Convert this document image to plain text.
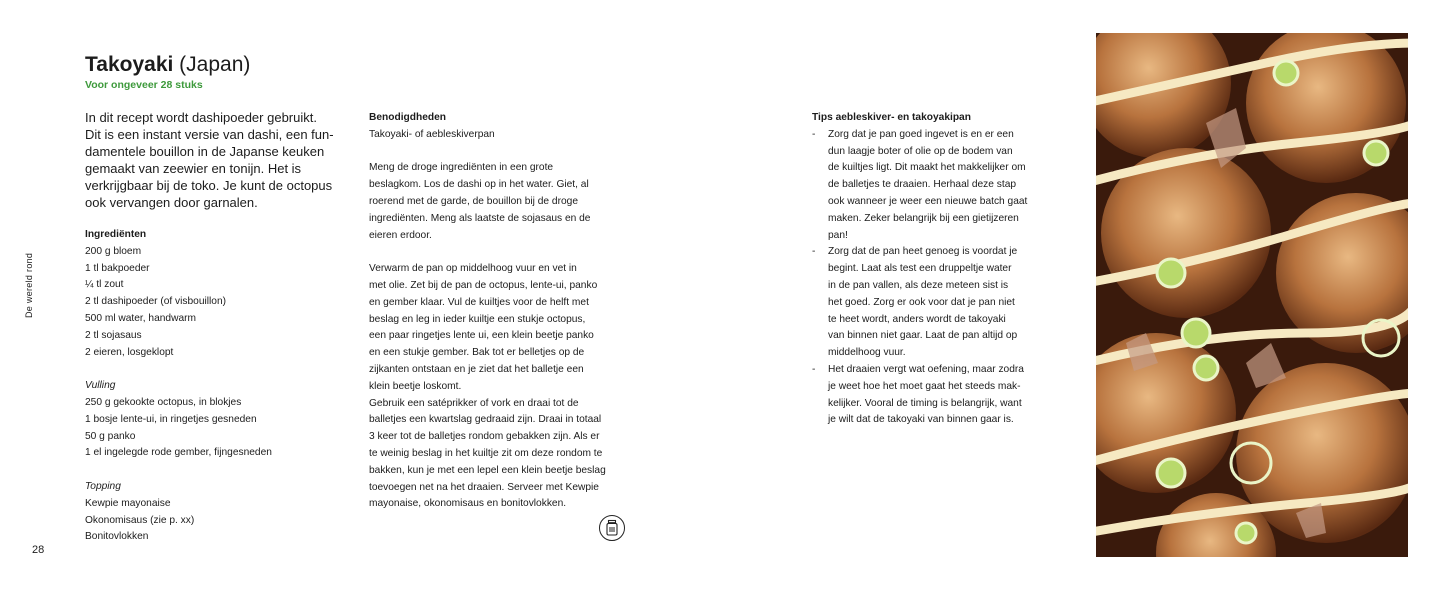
De wereld rond
28
Takoyaki (Japan)
Voor ongeveer 28 stuks
In dit recept wordt dashipoeder gebruikt.
Dit is een instant versie van dashi, een fun-
damentele bouillon in de Japanse keuken
gemaakt van zeewier en tonijn. Het is
verkrijgbaar bij de toko. Je kunt de octopus
ook vervangen door garnalen.
Ingrediënten
200 g bloem
1 tl bakpoeder
¼ tl zout
2 tl dashipoeder (of visbouillon)
500 ml water, handwarm
2 tl sojasaus
2 eieren, losgeklopt
Vulling
250 g gekookte octopus, in blokjes
1 bosje lente-ui, in ringetjes gesneden
50 g panko
1 el ingelegde rode gember, fijngesneden
Topping
Kewpie mayonaise
Okonomisaus (zie p. xx)
Bonitovlokken
Benodigdheden
Takoyaki- of aebleskiverpan
Meng de droge ingrediënten in een grote
beslagkom. Los de dashi op in het water. Giet, al
roerend met de garde, de bouillon bij de droge
ingrediënten. Meng als laatste de sojasaus en de
eieren erdoor.
Verwarm de pan op middelhoog vuur en vet in
met olie. Zet bij de pan de octopus, lente-ui, panko
en gember klaar. Vul de kuiltjes voor de helft met
beslag en leg in ieder kuiltje een stukje octopus,
een paar ringetjes lente ui, een klein beetje panko
en een stukje gember. Bak tot er belletjes op de
zijkanten ontstaan en je ziet dat het balletje een
klein beetje loskomt.
Gebruik een satéprikker of vork en draai tot de
balletjes een kwartslag gedraaid zijn. Draai in totaal
3 keer tot de balletjes rondom gebakken zijn. Als er
te weinig beslag in het kuiltje zit om deze rondom te
bakken, kun je met een lepel een klein beetje beslag
toevoegen net na het draaien. Serveer met Kewpie
mayonaise, okonomisaus en bonitovlokken.
Tips aebleskiver- en takoyakipan
- Zorg dat je pan goed ingevet is en er een
dun laagje boter of olie op de bodem van
de kuiltjes ligt. Dit maakt het makkelijker om
de balletjes te draaien. Herhaal deze stap
ook wanneer je weer een nieuwe batch gaat
maken. Zeker belangrijk bij een gietijzeren
pan!
- Zorg dat de pan heet genoeg is voordat je
begint. Laat als test een druppeltje water
in de pan vallen, als deze meteen sist is
het goed. Zorg er ook voor dat je pan niet
te heet wordt, anders wordt de takoyaki
van binnen niet gaar. Laat de pan altijd op
middelhoog vuur.
- Het draaien vergt wat oefening, maar zodra
je weet hoe het moet gaat het steeds mak-
kelijker. Vooral de timing is belangrijk, want
je wilt dat de takoyaki van binnen gaar is.
